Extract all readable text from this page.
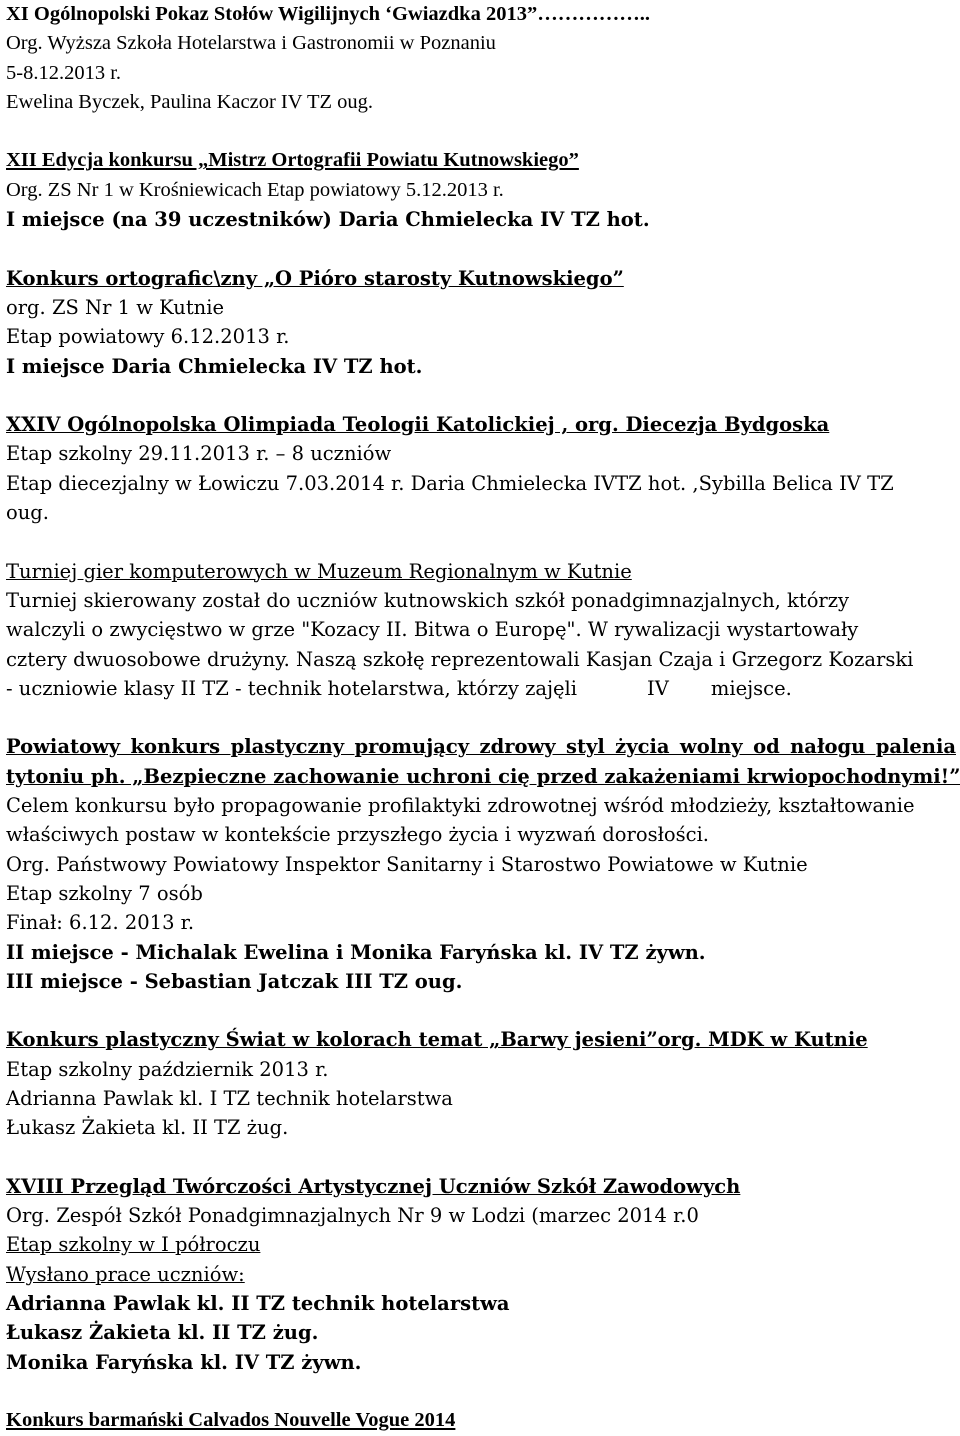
XI Ogólnopolski Pokaz Stołów Wigilijnych ‘Gwiazdka 2013”……………..
Org. Wyższa Szkoła Hotelarstwa i Gastronomii w Poznaniu
5-8.12.2013 r.
Ewelina Byczek, Paulina Kaczor IV TZ oug.
XII Edycja konkursu „Mistrz Ortografii Powiatu Kutnowskiego”
Org. ZS Nr 1 w Krośniewicach Etap powiatowy 5.12.2013 r.
I miejsce (na 39 uczestników) Daria Chmielecka IV TZ hot.
Konkurs ortografic\zny „O Pióro starosty Kutnowskiego”
org. ZS Nr 1 w Kutnie
Etap powiatowy 6.12.2013 r.
I miejsce Daria Chmielecka IV TZ hot.
XXIV Ogólnopolska Olimpiada Teologii Katolickiej , org. Diecezja Bydgoska
Etap szkolny 29.11.2013 r. – 8 uczniów
Etap diecezjalny w Łowiczu 7.03.2014 r. Daria Chmielecka IVTZ hot. ,Sybilla Belica IV TZ
oug.
Turniej gier komputerowych w Muzeum Regionalnym w Kutnie
Turniej skierowany został do uczniów kutnowskich szkół ponadgimnazjalnych, którzy
walczyli o zwycięstwo w grze "Kozacy II. Bitwa o Europę". W rywalizacji wystartowały
cztery dwuosobowe drużyny. Naszą szkołę reprezentowali Kasjan Czaja i Grzegorz Kozarski
- uczniowie klasy II TZ - technik hotelarstwa, którzy zajęli	IV miejsce.
Powiatowy konkurs plastyczny promujący zdrowy styl życia wolny od nałogu palenia
tytoniu ph. „Bezpieczne zachowanie uchroni cię przed zakażeniami krwiopochodnymi!”
Celem konkursu było propagowanie profilaktyki zdrowotnej wśród młodzieży, kształtowanie
właściwych postaw w kontekście przyszłego życia i wyzwań dorosłości.
Org. Państwowy Powiatowy Inspektor Sanitarny i Starostwo Powiatowe w Kutnie
Etap szkolny 7 osób
Finał: 6.12. 2013 r.
II miejsce - Michalak Ewelina i Monika Faryńska kl. IV TZ żywn.
III miejsce - Sebastian Jatczak III TZ oug.
Konkurs plastyczny Świat w kolorach temat „Barwy jesieni”org. MDK w Kutnie
Etap szkolny październik 2013 r.
Adrianna Pawlak kl. I TZ technik hotelarstwa
Łukasz Żakieta kl. II TZ żug.
XVIII Przegląd Twórczości Artystycznej Uczniów Szkół Zawodowych
Org. Zespół Szkół Ponadgimnazjalnych Nr 9 w Lodzi (marzec 2014 r.0
Etap szkolny w I półroczu
Wysłano prace uczniów:
Adrianna Pawlak kl. II TZ technik hotelarstwa
Łukasz Żakieta kl. II TZ żug.
Monika Faryńska kl. IV TZ żywn.
Konkurs barmański Calvados Nouvelle Vogue 2014
